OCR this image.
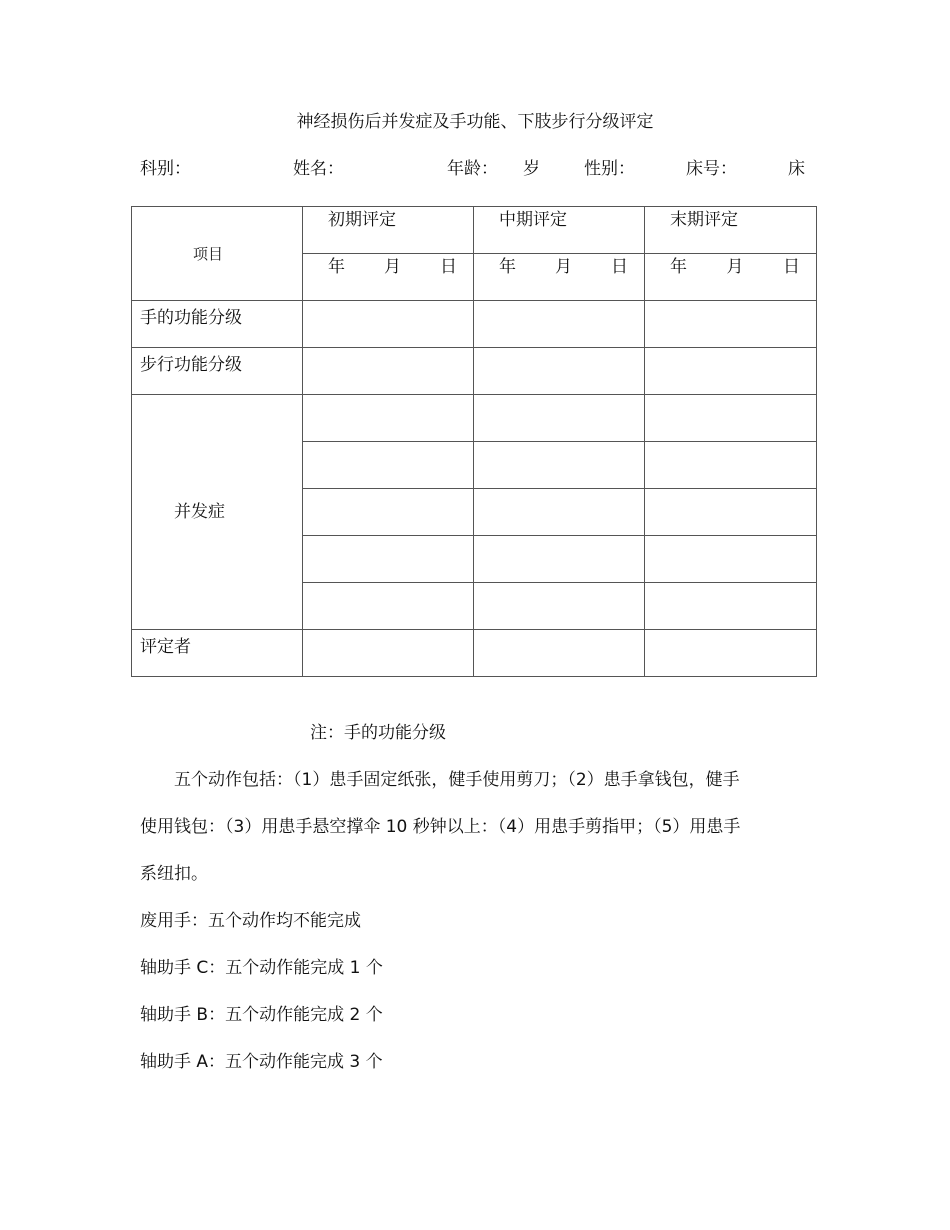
神经损伤后并发症及手功能、下肢步行分级评定
科别：	姓名：	年龄： 岁	性别：	床号：	床
项目	初期评定	中期评定	末期评定

	年 月 日	年 月 日	年 月 日

手的功能分级			

步行功能分级			

并发症			

评定者			

注：手的功能分级

五个动作包括：（1）患手固定纸张，健手使用剪刀；（2）患手拿钱包，健手

使用钱包：（3）用患手悬空撑伞 10 秒钟以上：（4）用患手剪指甲；（5）用患手

系纽扣。

废用手：五个动作均不能完成

轴助手 C：五个动作能完成 1 个

轴助手 B：五个动作能完成 2 个

轴助手 A：五个动作能完成 3 个
